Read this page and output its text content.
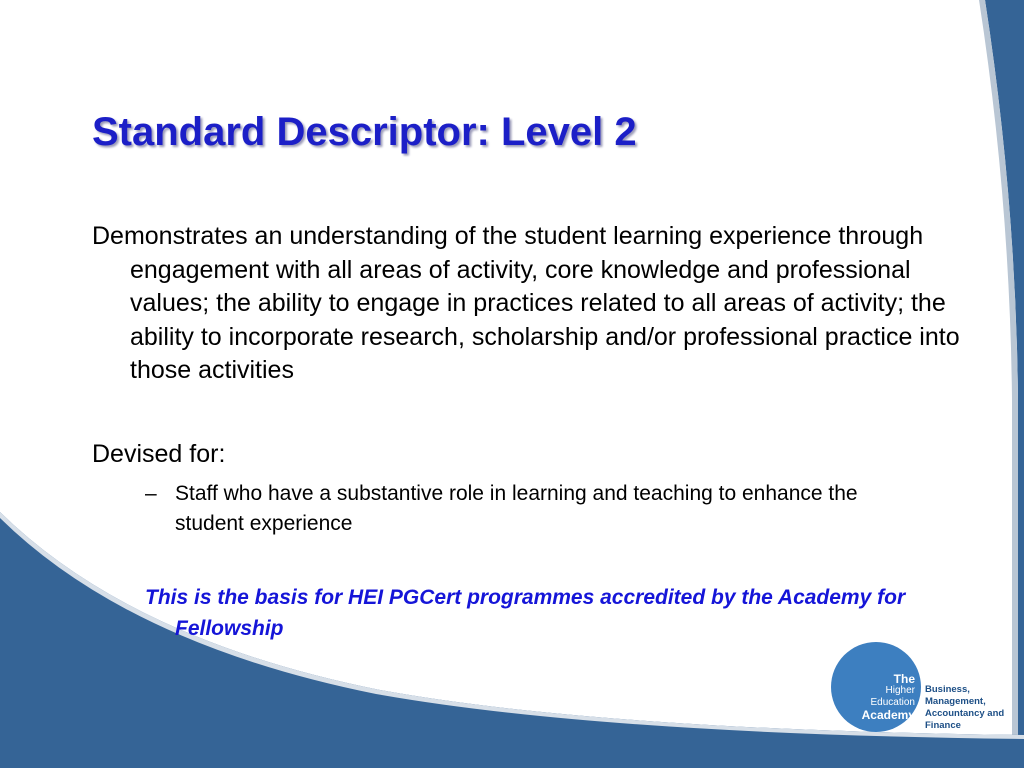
Standard Descriptor: Level 2

Demonstrates an understanding of the student learning experience through engagement with all areas of activity, core knowledge and professional values; the ability to engage in practices related to all areas of activity; the ability to incorporate research, scholarship and/or professional practice into those activities

Devised for:

– Staff who have a substantive role in learning and teaching to enhance the student experience

This is the basis for HEI PGCert programmes accredited by the Academy for Fellowship

The
Higher
Education
Academy
Business,
Management,
Accountancy and
Finance
